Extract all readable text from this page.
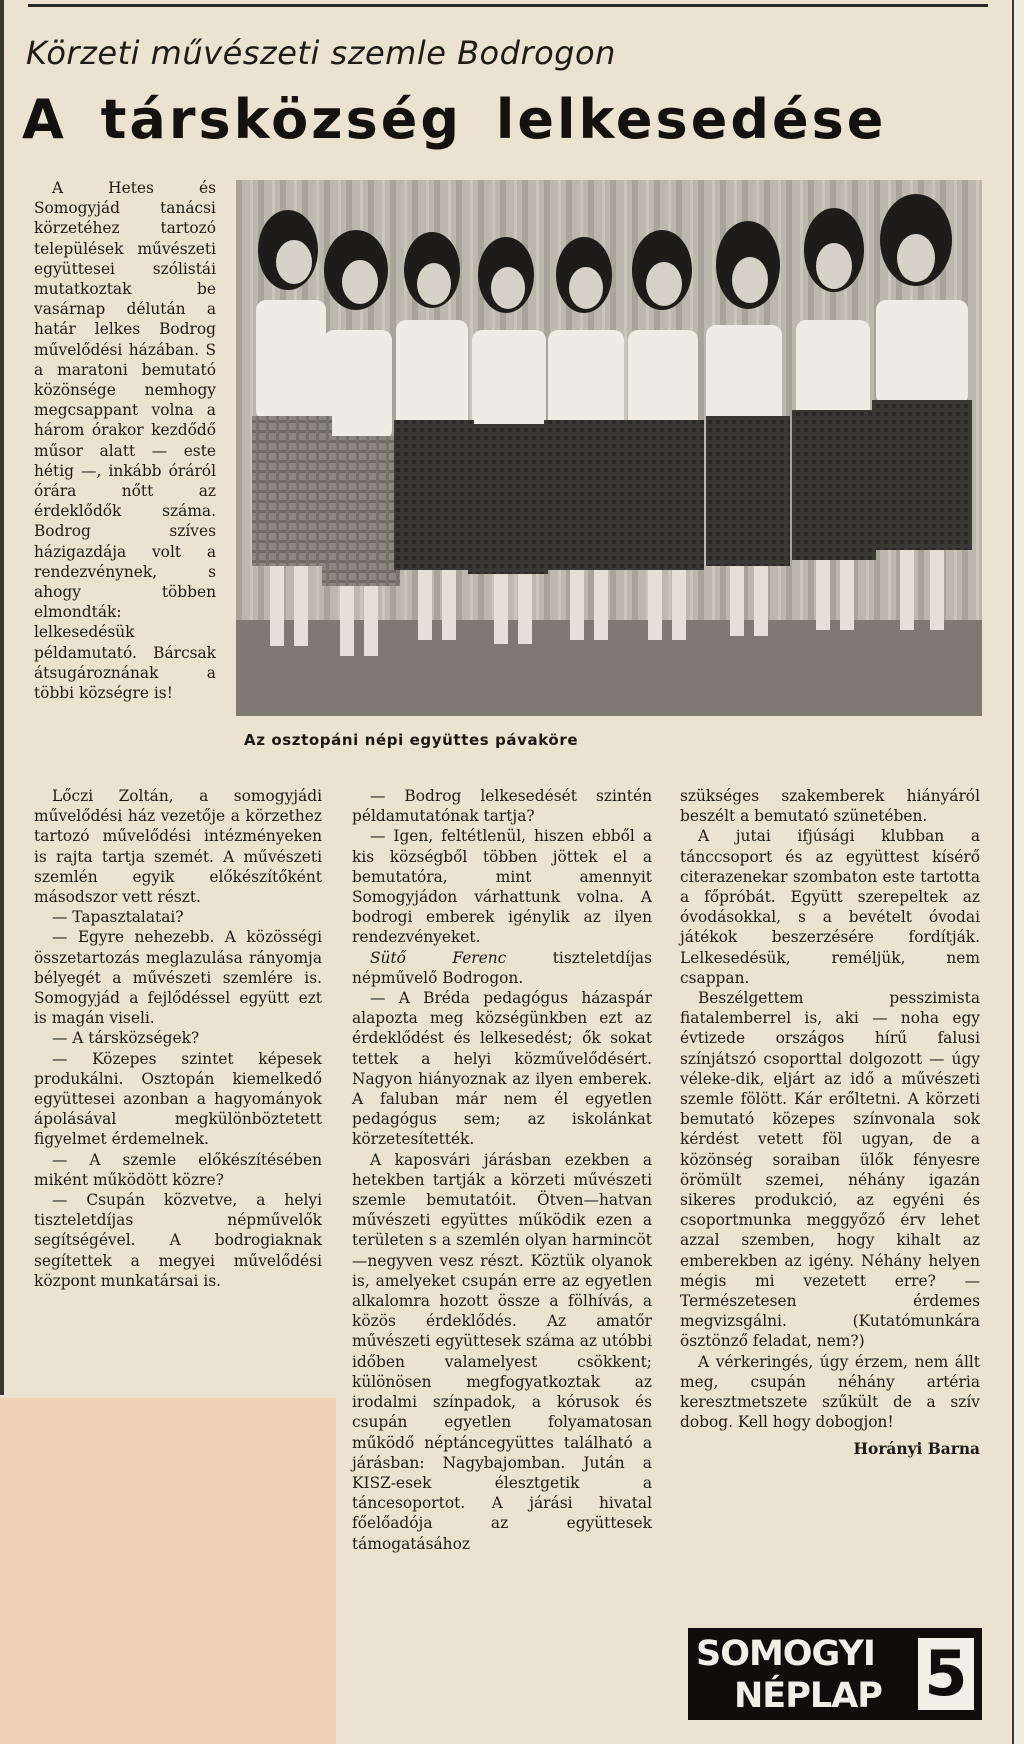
Körzeti művészeti szemle Bodrogon
A társközség lelkesedése
Az osztopáni népi együttes pávaköre

A Hetes és Somogyjád tanácsi körzetéhez tartozó települések művészeti együttesei szólistái mutatkoztak be vasárnap délután a határ lelkes Bodrog művelődési házában. S a maratoni bemutató közönsége nemhogy megcsappant volna a három órakor kezdődő műsor alatt — este hétig —, inkább óráról órára nőtt az érdeklődők száma. Bodrog szíves házigazdája volt a rendezvénynek, s ahogy többen elmondták: lelkesedésük példamutató. Bárcsak átsugároznának a többi községre is!

Lőczi Zoltán, a somogyjádi művelődési ház vezetője a körzethez tartozó művelődési intézményeken is rajta tartja szemét. A művészeti szemlén egyik előkészítőként másodszor vett részt.

— Tapasztalatai?

— Egyre nehezebb. A közösségi összetartozás meglazulása rányomja bélyegét a művészeti szemlére is. Somogyjád a fejlődéssel együtt ezt is magán viseli.

— A társközségek?

— Közepes szintet képesek produkálni. Osztopán kiemelkedő együttesei azonban a hagyományok ápolásával megkülönböztetett figyelmet érdemelnek.

— A szemle előkészítésében miként működött közre?

— Csupán közvetve, a helyi tiszteletdíjas népművelők segítségével. A bodrogiaknak segítettek a megyei művelődési központ munkatársai is.

— Bodrog lelkesedését szintén példamutatónak tartja?

— Igen, feltétlenül, hiszen ebből a kis községből többen jöttek el a bemutatóra, mint amennyit Somogyjádon várhattunk volna. A bodrogi emberek igénylik az ilyen rendezvényeket.

Sütő Ferenc tiszteletdíjas népművelő Bodrogon.

— A Bréda pedagógus házaspár alapozta meg községünkben ezt az érdeklődést és lelkesedést; ők sokat tettek a helyi közművelődésért. Nagyon hiányoznak az ilyen emberek. A faluban már nem él egyetlen pedagógus sem; az iskolánkat körzetesítették.

A kaposvári járásban ezekben a hetekben tartják a körzeti művészeti szemle bemutatóit. Ötven—hatvan művészeti együttes működik ezen a területen s a szemlén olyan harmincöt—negyven vesz részt. Köztük olyanok is, amelyeket csupán erre az egyetlen alkalomra hozott össze a fölhívás, a közös érdeklődés. Az amatőr művészeti együttesek száma az utóbbi időben valamelyest csökkent; különösen megfogyatkoztak az irodalmi színpadok, a kórusok és csupán egyetlen folyamatosan működő néptáncegyüttes található a járásban: Nagybajomban. Jután a KISZ-esek élesztgetik a táncesoportot. A járási hivatal főelőadója az együttesek támogatásához

szükséges szakemberek hiányáról beszélt a bemutató szünetében.

A jutai ifjúsági klubban a tánccsoport és az együttest kísérő citerazenekar szombaton este tartotta a főpróbát. Együtt szerepeltek az óvodásokkal, s a bevételt óvodai játékok beszerzésére fordítják. Lelkesedésük, reméljük, nem csappan.

Beszélgettem pesszimista fiatalemberrel is, aki — noha egy évtizede országos hírű falusi színjátszó csoporttal dolgozott — úgy véleke-dik, eljárt az idő a művészeti szemle fölött. Kár erőltetni. A körzeti bemutató közepes színvonala sok kérdést vetett föl ugyan, de a közönség soraiban ülők fényesre örömült szemei, néhány igazán sikeres produkció, az egyéni és csoportmunka meggyőző érv lehet azzal szemben, hogy kihalt az emberekben az igény. Néhány helyen mégis mi vezetett erre? — Természetesen érdemes megvizsgálni. (Kutatómunkára ösztönző feladat, nem?)

A vérkeringés, úgy érzem, nem állt meg, csupán néhány artéria keresztmetszete szűkült de a szív dobog. Kell hogy dobogjon!

Horányi Barna

SOMOGYI
NÉPLAP 5
